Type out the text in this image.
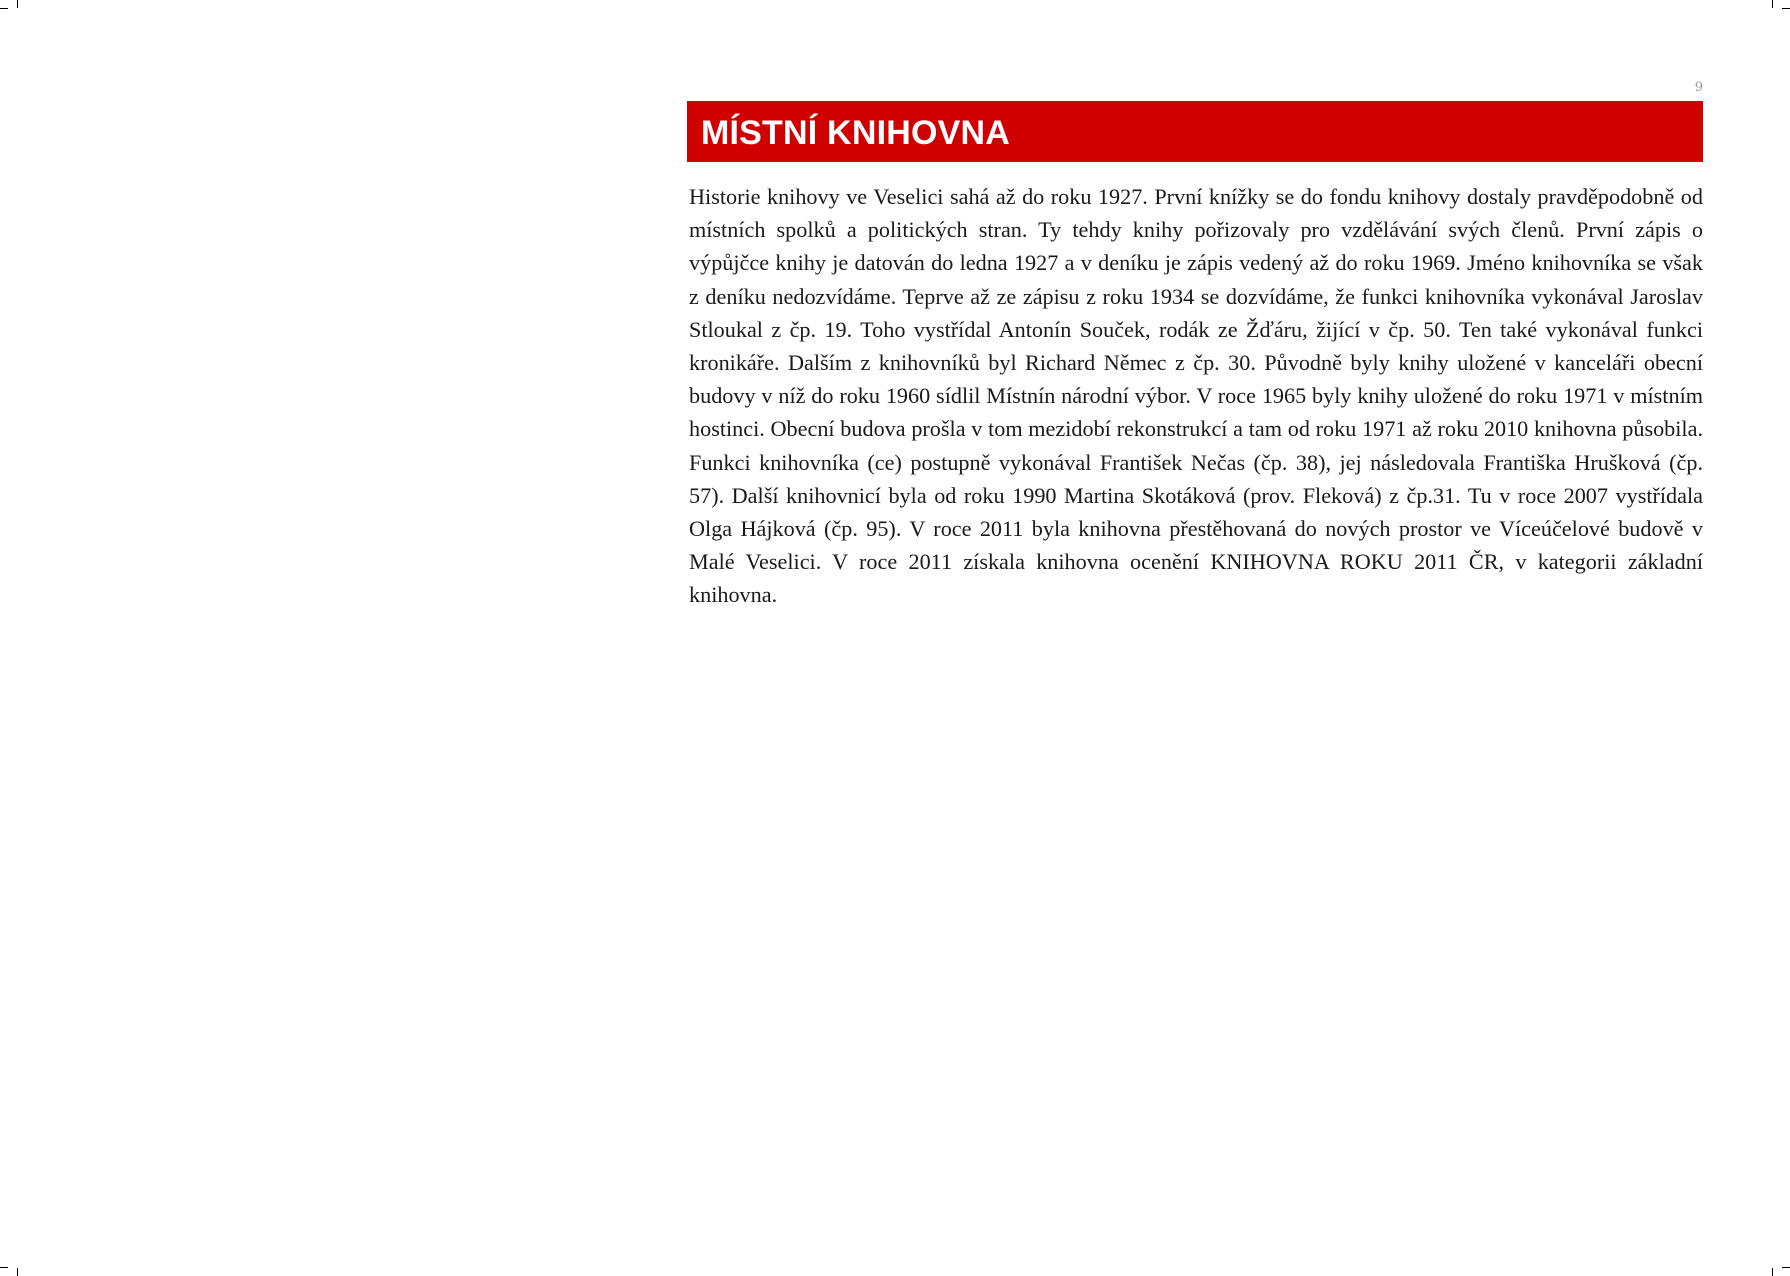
9
MÍSTNÍ KNIHOVNA

Historie knihovy ve Veselici sahá až do roku 1927. První knížky se do fondu knihovy dostaly pravděpodobně od místních spolků a politických stran. Ty tehdy knihy pořizovaly pro vzdělávání svých členů. První zápis o výpůjčce knihy je datován do ledna 1927 a v deníku je zápis vedený až do roku 1969. Jméno knihovníka se však z deníku nedozvídáme. Teprve až ze zápisu z roku 1934 se dozvídáme, že funkci knihovníka vykonával Jaroslav Stloukal z čp. 19. Toho vystřídal Antonín Souček, rodák ze Žďáru, žijící v čp. 50. Ten také vykonával funkci kronikáře. Dalším z knihovníků byl Richard Němec z čp. 30. Původně byly knihy uložené v kanceláři obecní budovy v níž do roku 1960 sídlil Místnín národní výbor. V roce 1965 byly knihy uložené do roku 1971 v místním hostinci. Obecní budova prošla v tom mezidobí rekonstrukcí a tam od roku 1971 až roku 2010 knihovna působila. Funkci knihovníka (ce) postupně vykonával František Nečas (čp. 38), jej následovala Františka Hrušková (čp. 57). Další knihovnicí byla od roku 1990 Martina Skotáková (prov. Fleková) z čp.31. Tu v roce 2007 vystřídala Olga Hájková (čp. 95). V roce 2011 byla knihovna přestěhovaná do nových prostor ve Víceúčelové budově v Malé Veselici. V roce 2011 získala knihovna ocenění KNIHOVNA ROKU 2011 ČR, v kategorii základní knihovna.
